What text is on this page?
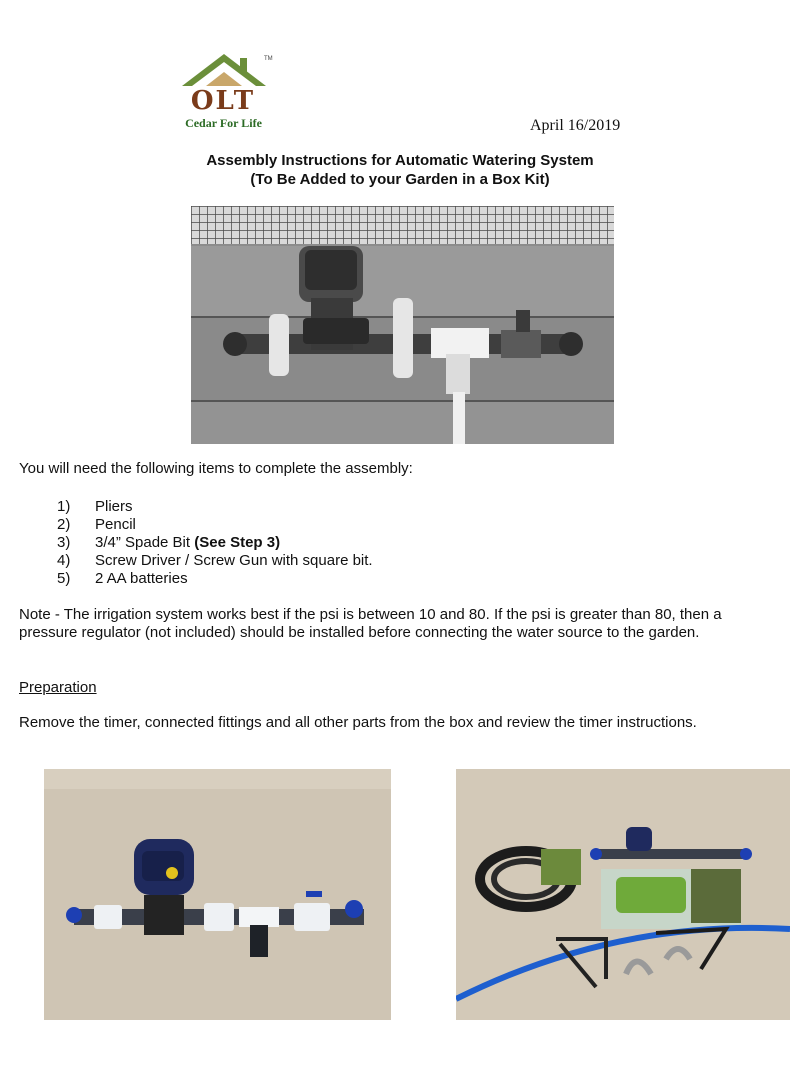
TM
OLT
Cedar For Life	April 16/2019
Assembly Instructions for Automatic Watering System
(To Be Added to your Garden in a Box Kit)
You will need the following items to complete the assembly:
1) Pliers
2) Pencil
3) 3/4” Spade Bit (See Step 3)
4) Screw Driver / Screw Gun with square bit.
5) 2 AA batteries
Note - The irrigation system works best if the psi is between 10 and 80. If the psi is greater than 80, then a
pressure regulator (not included) should be installed before connecting the water source to the garden.
Preparation
Remove the timer, connected fittings and all other parts from the box and review the timer instructions.
